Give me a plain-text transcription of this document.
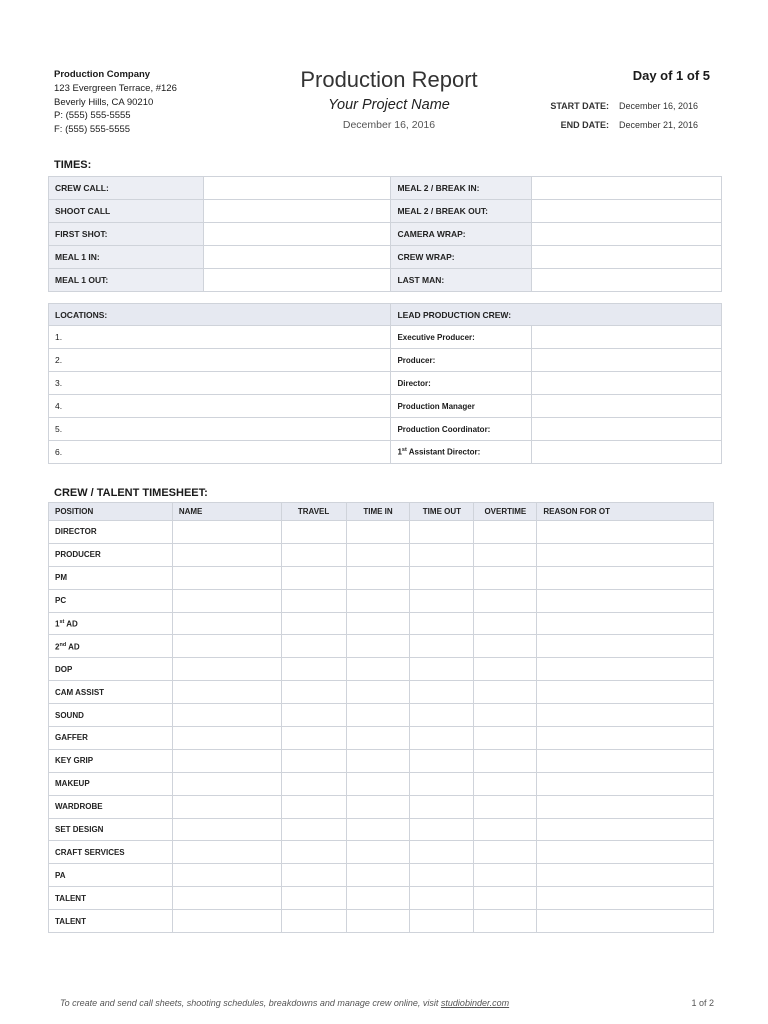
Production Company
123 Evergreen Terrace, #126
Beverly Hills, CA 90210
P: (555) 555-5555
F: (555) 555-5555
Production Report
Your Project Name
December 16, 2016
Day of 1 of 5
START DATE:	December 16, 2016
END DATE:	December 21, 2016
TIMES:
CREW CALL:		MEAL 2 / BREAK IN:	
SHOOT CALL		MEAL 2 / BREAK OUT:	
FIRST SHOT:		CAMERA WRAP:	
MEAL 1 IN:		CREW WRAP:	
MEAL 1 OUT:		LAST MAN:	
LOCATIONS:	LEAD PRODUCTION CREW:	
1.	Executive Producer:	
2.	Producer:	
3.	Director:	
4.	Production Manager	
5.	Production Coordinator:	
6.	1st Assistant Director:	
CREW / TALENT TIMESHEET:
POSITION	NAME	TRAVEL	TIME IN	TIME OUT	OVERTIME	REASON FOR OT
DIRECTOR						
PRODUCER						
PM						
PC						
1st AD						
2nd AD						
DOP						
CAM ASSIST						
SOUND						
GAFFER						
KEY GRIP						
MAKEUP						
WARDROBE						
SET DESIGN						
CRAFT SERVICES						
PA						
TALENT						
TALENT						
To create and send call sheets, shooting schedules, breakdowns and manage crew online, visit studiobinder.com	1 of 2
